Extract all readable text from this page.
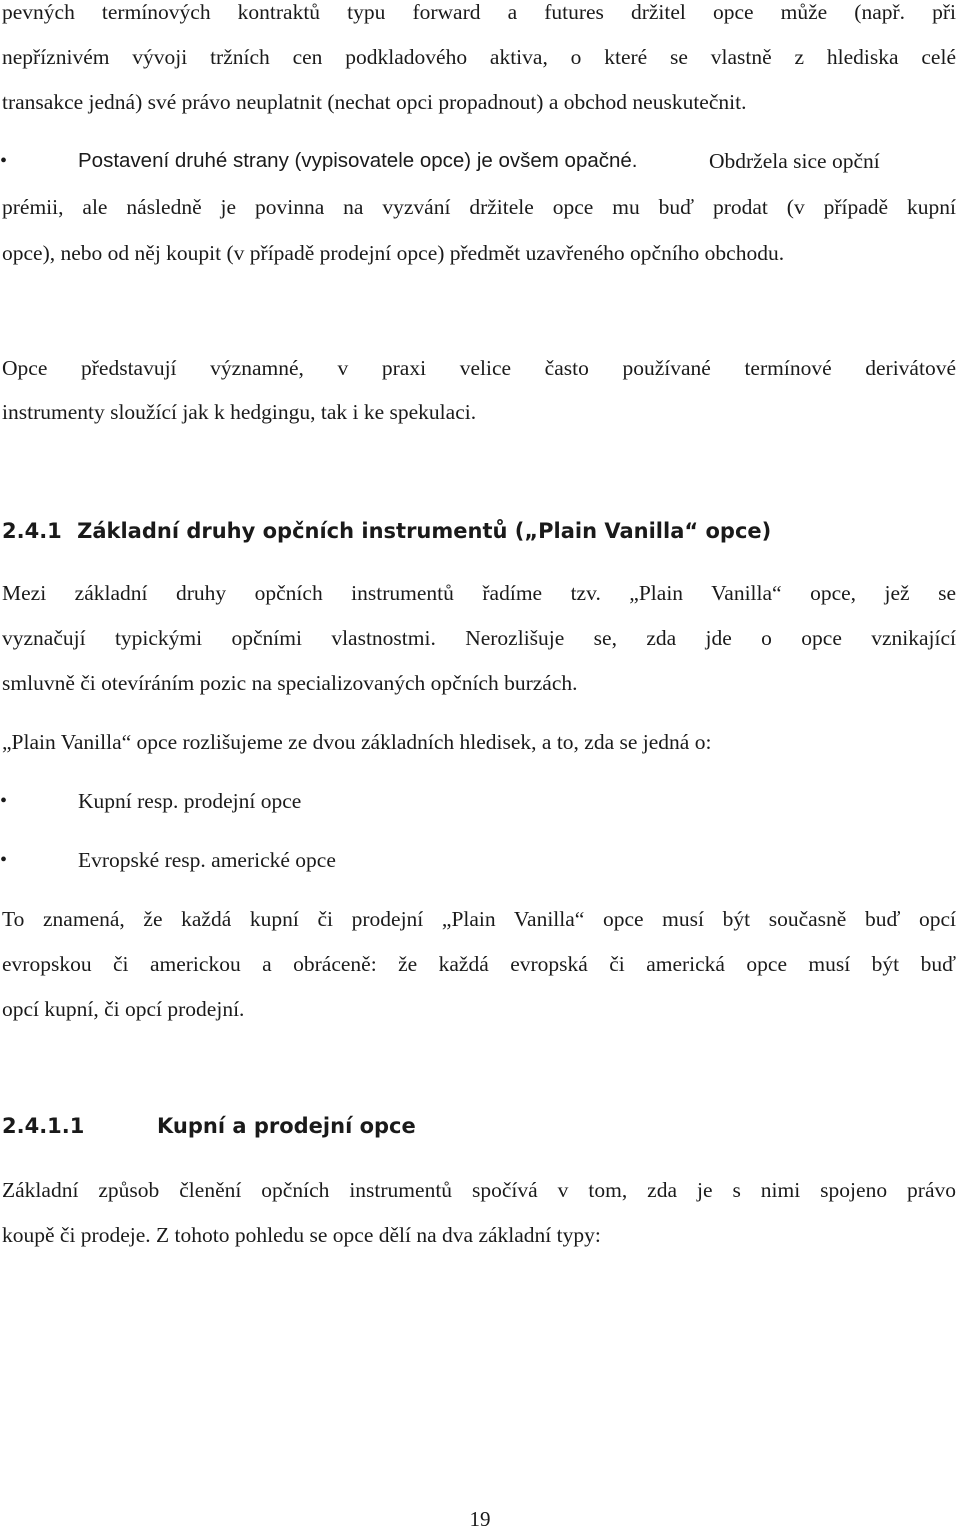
pevných termínových kontraktů typu forward a futures držitel opce může (např. při
nepříznivém vývoji tržních cen podkladového aktiva, o které se vlastně z hlediska celé
transakce jedná) své právo neuplatnit (nechat opci propadnout) a obchod neuskutečnit.
•	Postavení druhé strany (vypisovatele opce) je ovšem opačné.	Obdržela sice opční
prémii, ale následně je povinna na vyzvání držitele opce mu buď prodat (v případě kupní
opce), nebo od něj koupit (v případě prodejní opce) předmět uzavřeného opčního obchodu.
Opce představují významné, v praxi velice často používané termínové derivátové
instrumenty sloužící jak k hedgingu, tak i ke spekulaci.
2.4.1 Základní druhy opčních instrumentů („Plain Vanilla“ opce)
Mezi základní druhy opčních instrumentů řadíme tzv. „Plain Vanilla“ opce, jež se
vyznačují typickými opčními vlastnostmi. Nerozlišuje se, zda jde o opce vznikající
smluvně či otevíráním pozic na specializovaných opčních burzách.
„Plain Vanilla“ opce rozlišujeme ze dvou základních hledisek, a to, zda se jedná o:
•	Kupní resp. prodejní opce
•	Evropské resp. americké opce
To znamená, že každá kupní či prodejní „Plain Vanilla“ opce musí být současně buď opcí
evropskou či americkou a obráceně: že každá evropská či americká opce musí být buď
opcí kupní, či opcí prodejní.
2.4.1.1	Kupní a prodejní opce
Základní způsob členění opčních instrumentů spočívá v tom, zda je s nimi spojeno právo
koupě či prodeje. Z tohoto pohledu se opce dělí na dva základní typy:
19
